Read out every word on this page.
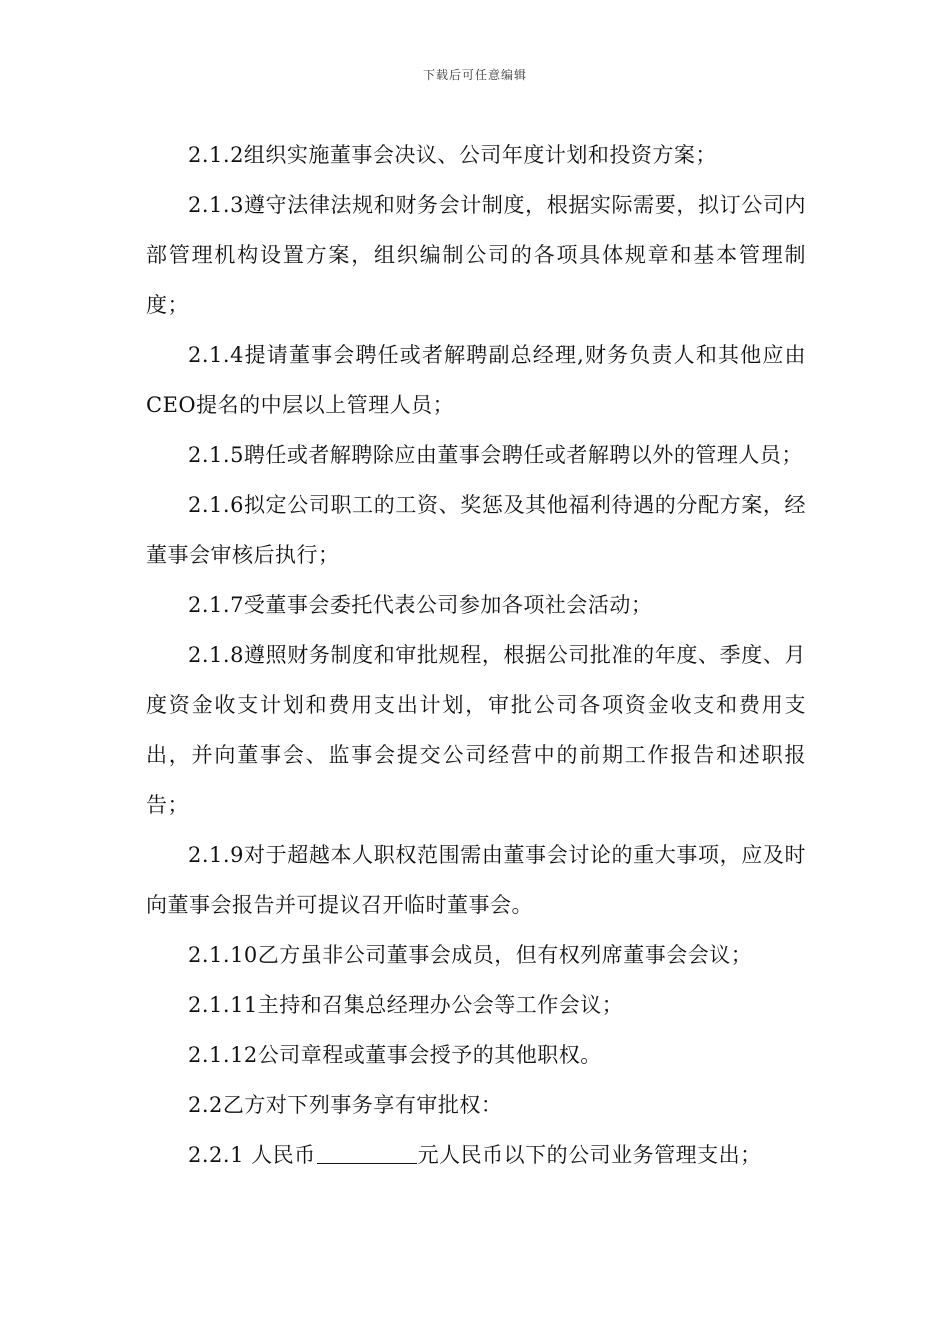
下载后可任意编辑

2.1.2组织实施董事会决议、公司年度计划和投资方案；

2.1.3遵守法律法规和财务会计制度，根据实际需要，拟订公司内部管理机构设置方案，组织编制公司的各项具体规章和基本管理制度；

2.1.4提请董事会聘任或者解聘副总经理,财务负责人和其他应由CEO提名的中层以上管理人员；

2.1.5聘任或者解聘除应由董事会聘任或者解聘以外的管理人员；

2.1.6拟定公司职工的工资、奖惩及其他福利待遇的分配方案，经董事会审核后执行；

2.1.7受董事会委托代表公司参加各项社会活动；

2.1.8遵照财务制度和审批规程，根据公司批准的年度、季度、月度资金收支计划和费用支出计划，审批公司各项资金收支和费用支出，并向董事会、监事会提交公司经营中的前期工作报告和述职报告；

2.1.9对于超越本人职权范围需由董事会讨论的重大事项，应及时向董事会报告并可提议召开临时董事会。

2.1.10乙方虽非公司董事会成员，但有权列席董事会会议；

2.1.11主持和召集总经理办公会等工作会议；

2.1.12公司章程或董事会授予的其他职权。

2.2乙方对下列事务享有审批权：

2.2.1 人民币	元人民币以下的公司业务管理支出；
